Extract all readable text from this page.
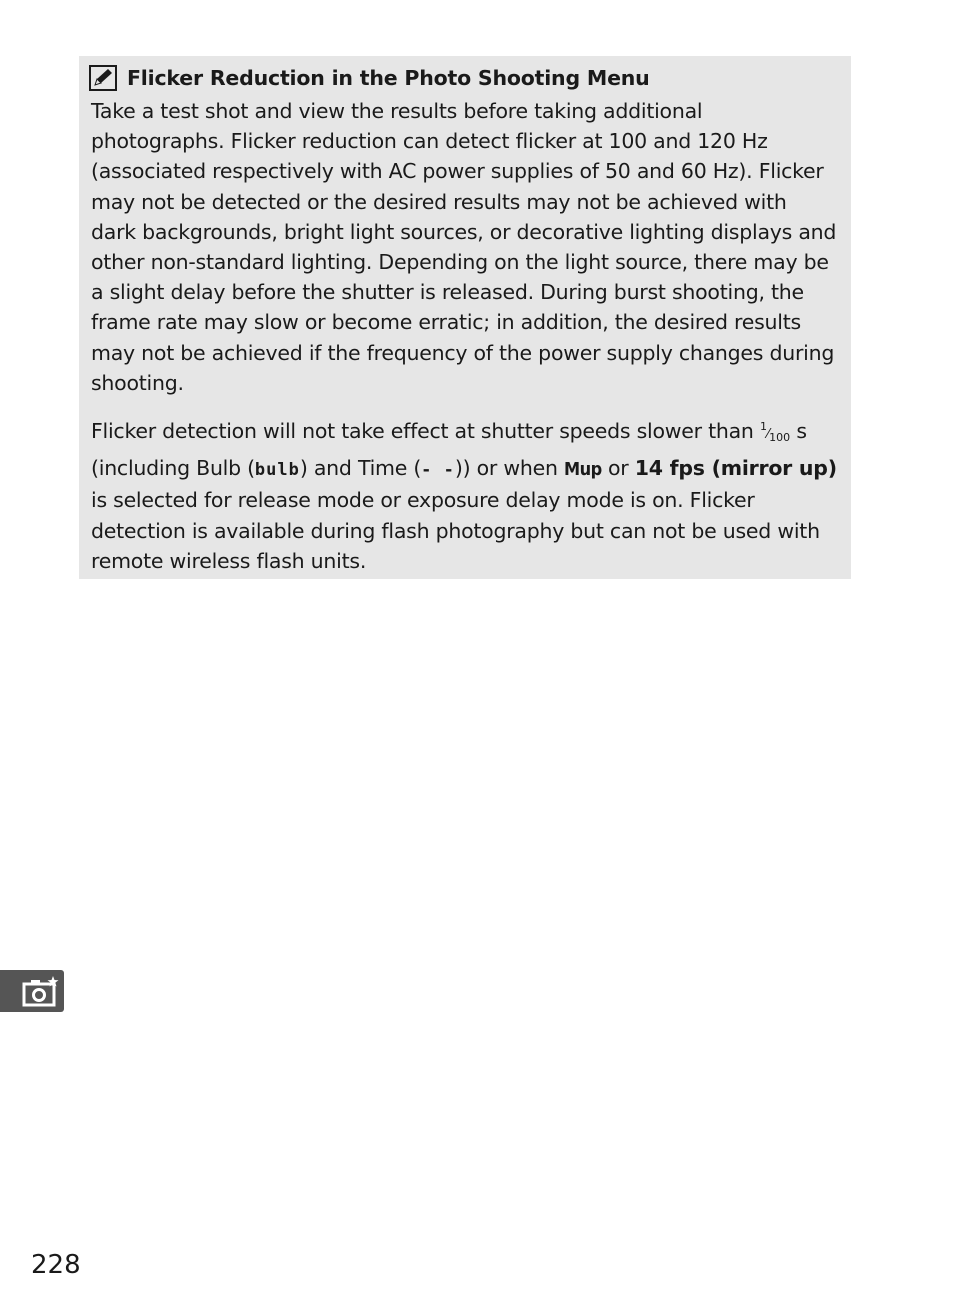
Flicker Reduction in the Photo Shooting Menu

Take a test shot and view the results before taking additional photographs. Flicker reduction can detect flicker at 100 and 120 Hz (associated respectively with AC power supplies of 50 and 60 Hz). Flicker may not be detected or the desired results may not be achieved with dark backgrounds, bright light sources, or decorative lighting displays and other non-standard lighting. Depending on the light source, there may be a slight delay before the shutter is released. During burst shooting, the frame rate may slow or become erratic; in addition, the desired results may not be achieved if the frequency of the power supply changes during shooting.

Flicker detection will not take effect at shutter speeds slower than $^1⁄_{100}$ s (including Bulb (bulb) and Time (- -)) or when Mup or 14 fps (mirror up) is selected for release mode or exposure delay mode is on. Flicker detection is available during flash photography but can not be used with remote wireless flash units.

228
